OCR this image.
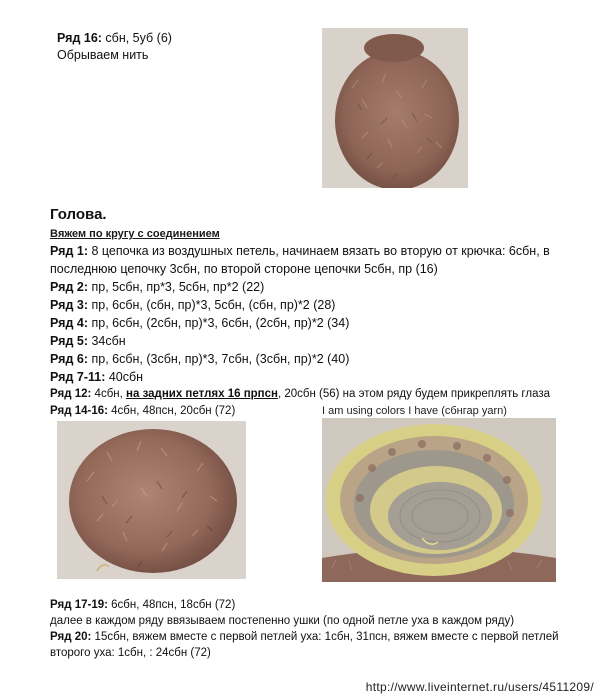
Ряд 16: сбн, 5уб (6)
Обрываем нить
Голова.
Вяжем по кругу с соединением
Ряд 1: 8 цепочка из воздушных петель, начинаем вязать во вторую от крючка: 6сбн, в
последнюю цепочку 3сбн, по второй стороне цепочки 5сбн, пр (16)
Ряд 2: пр, 5сбн, пр*3, 5сбн, пр*2 (22)
Ряд 3: пр, 6сбн, (сбн, пр)*3, 5сбн, (сбн, пр)*2 (28)
Ряд 4: пр, 6сбн, (2сбн, пр)*3, 6сбн, (2сбн, пр)*2 (34)
Ряд 5: 34сбн
Ряд 6: пр, 6сбн, (3сбн, пр)*3, 7сбн, (3сбн, пр)*2 (40)
Ряд 7-11: 40сбн
Ряд 12: 4сбн, на задних петлях 16 прпсн, 20сбн (56) на этом ряду будем прикреплять глаза
Ряд 14-16: 4сбн, 48псн, 20сбн (72)	I am using colors I have (сбнгар yarn)
Ряд 17-19: 6сбн, 48псн, 18сбн (72)
далее в каждом ряду ввязываем постепенно ушки (по одной петле уха в каждом ряду)
Ряд 20: 15сбн, вяжем вместе с первой петлей уха: 1сбн, 31псн, вяжем вместе с первой петлей
второго уха: 1сбн, : 24сбн (72)
http://www.liveinternet.ru/users/4511209/
